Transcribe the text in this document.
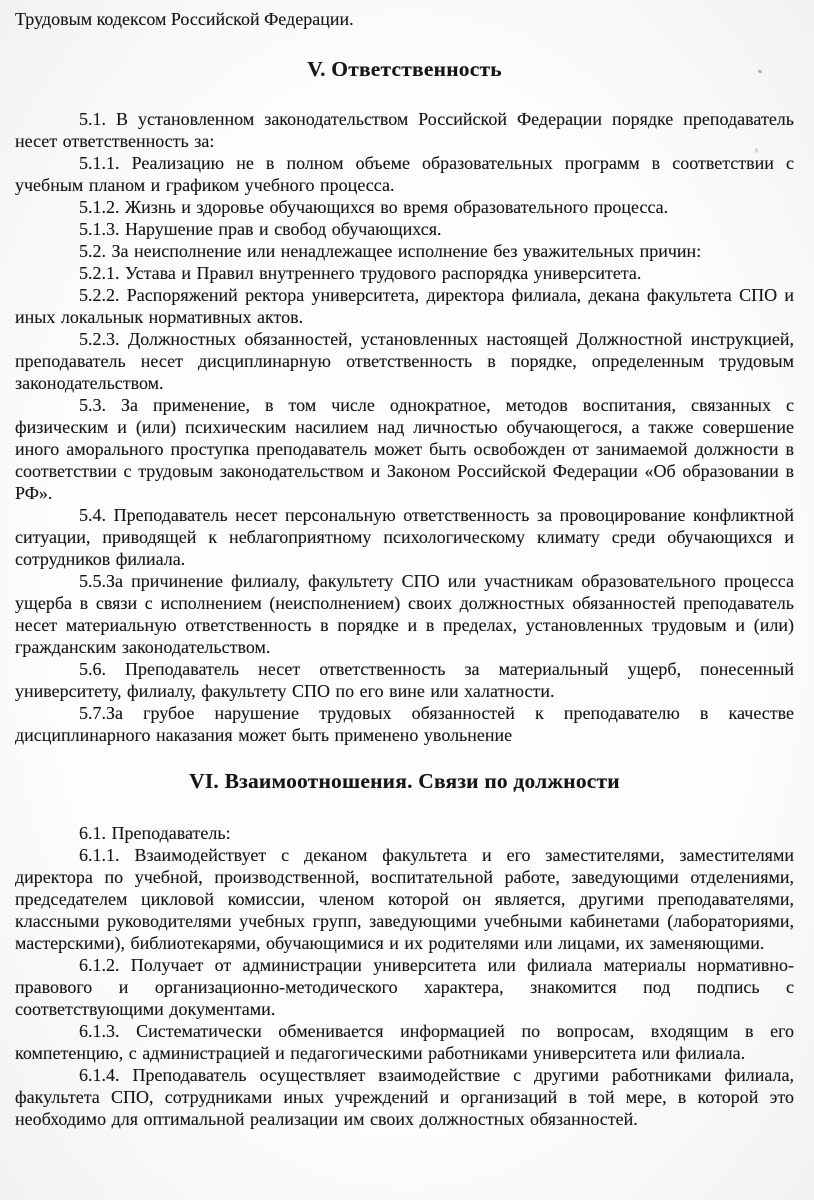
Трудовым кодексом Российской Федерации.

V. Ответственность

5.1. В установленном законодательством Российской Федерации порядке преподаватель несет ответственность за:

5.1.1. Реализацию не в полном объеме образовательных программ в соответствии с учебным планом и графиком учебного процесса.

5.1.2. Жизнь и здоровье обучающихся во время образовательного процесса.

5.1.3. Нарушение прав и свобод обучающихся.

5.2. За неисполнение или ненадлежащее исполнение без уважительных причин:

5.2.1. Устава и Правил внутреннего трудового распорядка университета.

5.2.2. Распоряжений ректора университета, директора филиала, декана факультета СПО и иных локальнык нормативных актов.

5.2.3. Должностных обязанностей, установленных настоящей Должностной инструкцией, преподаватель несет дисциплинарную ответственность в порядке, определенным трудовым законодательством.

5.3. За применение, в том числе однократное, методов воспитания, связанных с физическим и (или) психическим насилием над личностью обучающегося, а также совершение иного аморального проступка преподаватель может быть освобожден от занимаемой должности в соответствии с трудовым законодательством и Законом Российской Федерации «Об образовании в РФ».

5.4. Преподаватель несет персональную ответственность за провоцирование конфликтной ситуации, приводящей к неблагоприятному психологическому климату среди обучающихся и сотрудников филиала.

5.5.За причинение филиалу, факультету СПО или участникам образовательного процесса ущерба в связи с исполнением (неисполнением) своих должностных обязанностей преподаватель несет материальную ответственность в порядке и в пределах, установленных трудовым и (или) гражданским законодательством.

5.6. Преподаватель несет ответственность за материальный ущерб, понесенный университету, филиалу, факультету СПО по его вине или халатности.

5.7.За грубое нарушение трудовых обязанностей к преподавателю в качестве дисциплинарного наказания может быть применено увольнение

VI. Взаимоотношения. Связи по должности

6.1. Преподаватель:

6.1.1. Взаимодействует с деканом факультета и его заместителями, заместителями директора по учебной, производственной, воспитательной работе, заведующими отделениями, председателем цикловой комиссии, членом которой он является, другими преподавателями, классными руководителями учебных групп, заведующими учебными кабинетами (лабораториями, мастерскими), библиотекарями, обучающимися и их родителями или лицами, их заменяющими.

6.1.2. Получает от администрации университета или филиала материалы нормативно-правового и организационно-методического характера, знакомится под подпись с соответствующими документами.

6.1.3. Систематически обменивается информацией по вопросам, входящим в его компетенцию, с администрацией и педагогическими работниками университета или филиала.

6.1.4. Преподаватель осуществляет взаимодействие с другими работниками филиала, факультета СПО, сотрудниками иных учреждений и организаций в той мере, в которой это необходимо для оптимальной реализации им своих должностных обязанностей.
